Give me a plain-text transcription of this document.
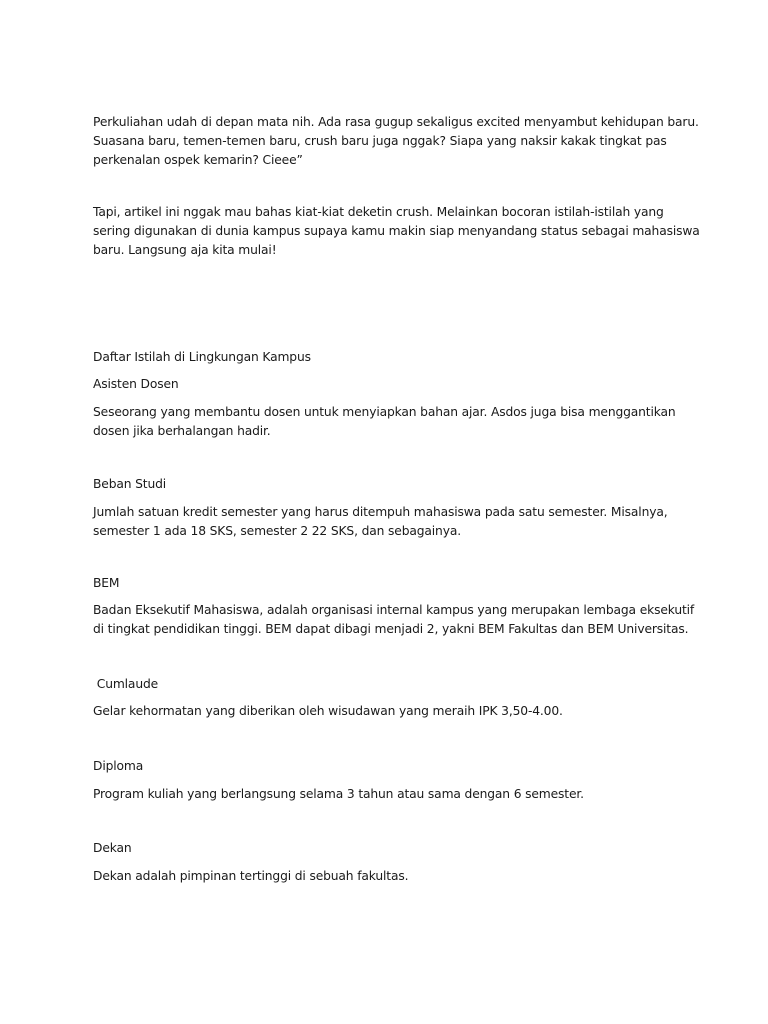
Perkuliahan udah di depan mata nih. Ada rasa gugup sekaligus excited menyambut kehidupan baru.
Suasana baru, temen-temen baru, crush baru juga nggak? Siapa yang naksir kakak tingkat pas
perkenalan ospek kemarin? Cieeeˮ

Tapi, artikel ini nggak mau bahas kiat-kiat deketin crush. Melainkan bocoran istilah-istilah yang
sering digunakan di dunia kampus supaya kamu makin siap menyandang status sebagai mahasiswa
baru. Langsung aja kita mulai!

Daftar Istilah di Lingkungan Kampus

Asisten Dosen

Seseorang yang membantu dosen untuk menyiapkan bahan ajar. Asdos juga bisa menggantikan
dosen jika berhalangan hadir.

Beban Studi

Jumlah satuan kredit semester yang harus ditempuh mahasiswa pada satu semester. Misalnya,
semester 1 ada 18 SKS, semester 2 22 SKS, dan sebagainya.

BEM

Badan Eksekutif Mahasiswa, adalah organisasi internal kampus yang merupakan lembaga eksekutif
di tingkat pendidikan tinggi. BEM dapat dibagi menjadi 2, yakni BEM Fakultas dan BEM Universitas.

Cumlaude

Gelar kehormatan yang diberikan oleh wisudawan yang meraih IPK 3,50-4.00.

Diploma

Program kuliah yang berlangsung selama 3 tahun atau sama dengan 6 semester.

Dekan

Dekan adalah pimpinan tertinggi di sebuah fakultas.
